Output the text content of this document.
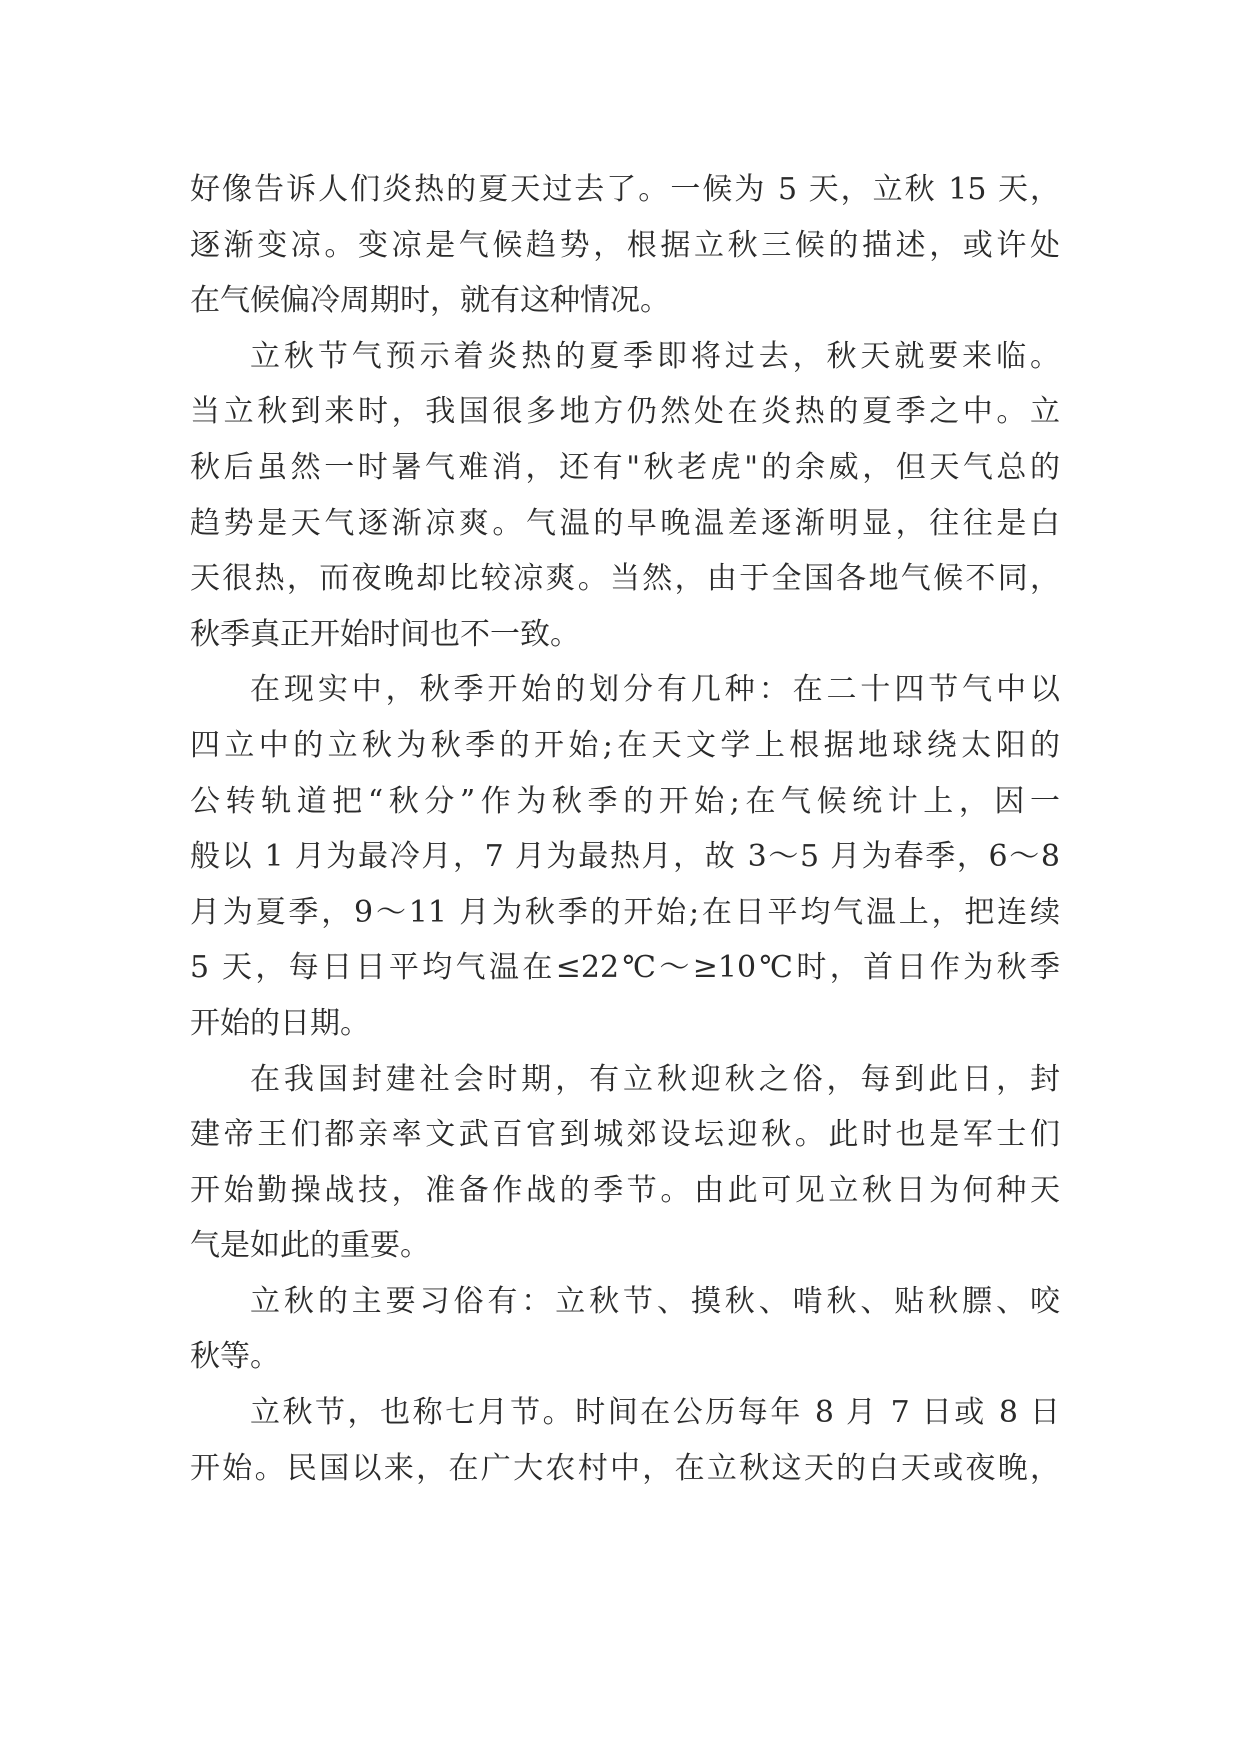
好像告诉人们炎热的夏天过去了。一候为 5 天，立秋 15 天，
逐渐变凉。变凉是气候趋势，根据立秋三候的描述，或许处
在气候偏冷周期时，就有这种情况。

立秋节气预示着炎热的夏季即将过去，秋天就要来临。
当立秋到来时，我国很多地方仍然处在炎热的夏季之中。立
秋后虽然一时暑气难消，还有"秋老虎"的余威，但天气总的
趋势是天气逐渐凉爽。气温的早晚温差逐渐明显，往往是白
天很热，而夜晚却比较凉爽。当然，由于全国各地气候不同，
秋季真正开始时间也不一致。

在现实中，秋季开始的划分有几种：在二十四节气中以
四立中的立秋为秋季的开始;在天文学上根据地球绕太阳的
公转轨道把“秋分”作为秋季的开始;在气候统计上，因一
般以 1 月为最冷月，7 月为最热月，故 3～5 月为春季，6～8
月为夏季，9～11 月为秋季的开始;在日平均气温上，把连续
5 天，每日日平均气温在≤22℃～≥10℃时，首日作为秋季
开始的日期。

在我国封建社会时期，有立秋迎秋之俗，每到此日，封
建帝王们都亲率文武百官到城郊设坛迎秋。此时也是军士们
开始勤操战技，准备作战的季节。由此可见立秋日为何种天
气是如此的重要。

立秋的主要习俗有：立秋节、摸秋、啃秋、贴秋膘、咬
秋等。

立秋节，也称七月节。时间在公历每年 8 月 7 日或 8 日
开始。民国以来，在广大农村中，在立秋这天的白天或夜晚，
